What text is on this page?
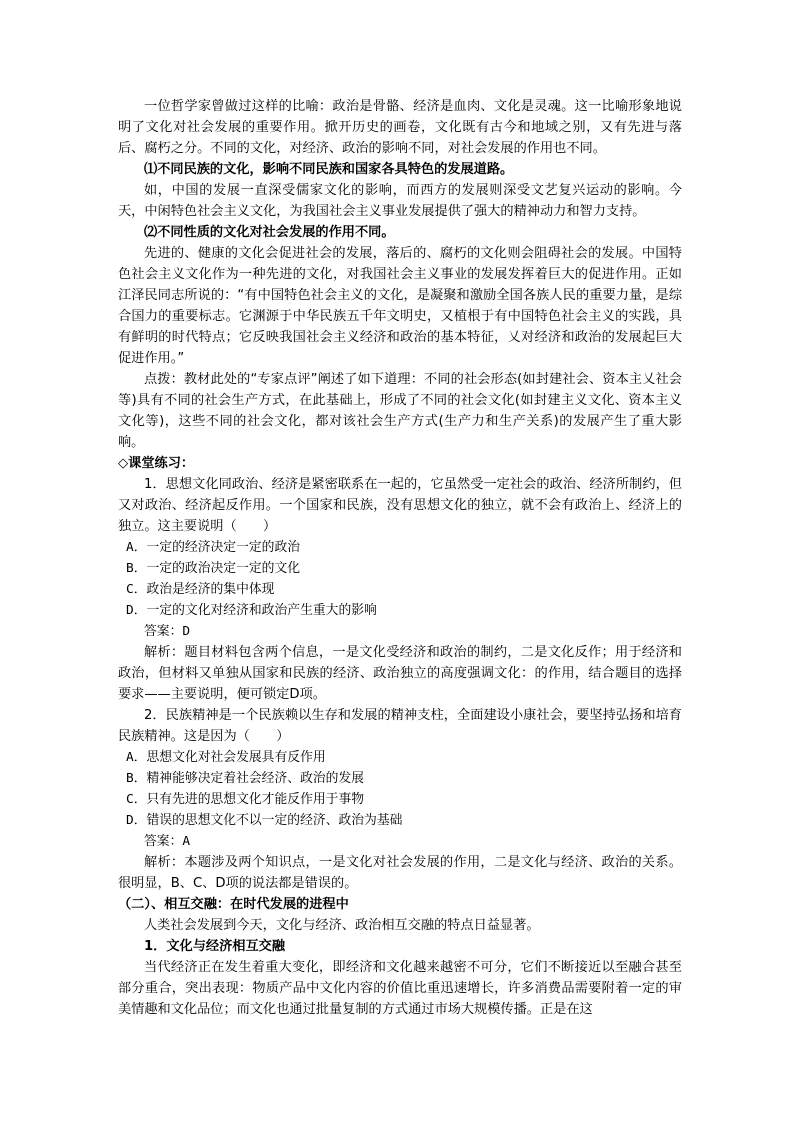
一位哲学家曾做过这样的比喻：政治是骨骼、经济是血肉、文化是灵魂。这一比喻形象地说明了文化对社会发展的重要作用。掀开历史的画卷，文化既有古今和地域之别，又有先进与落后、腐朽之分。不同的文化，对经济、政治的影响不同，对社会发展的作用也不同。

⑴不同民族的文化，影响不同民族和国家各具特色的发展道路。

如，中国的发展一直深受儒家文化的影响，而西方的发展则深受文艺复兴运动的影响。今天，中闲特色社会主义文化，为我国社会主义事业发展提供了强大的精神动力和智力支持。

⑵不同性质的文化对社会发展的作用不同。

先进的、健康的文化会促进社会的发展，落后的、腐朽的文化则会阻碍社会的发展。中国特色社会主义文化作为一种先进的文化，对我国社会主义事业的发展发挥着巨大的促进作用。正如江泽民同志所说的：“有中国特色社会主义的文化，是凝聚和激励全国各族人民的重要力量，是综合国力的重要标志。它渊源于中华民族五千年文明史，又植根于有中国特色社会主义的实践，具有鲜明的时代特点；它反映我国社会主义经济和政治的基本特征，乂对经济和政治的发展起巨大促进作用。”

点拨：教材此处的“专家点评”阐述了如下道理：不同的社会形态(如封建社会、资本主乂社会等)具有不同的社会生产方式，在此基础上，形成了不同的社会文化(如封建主义文化、资本主义文化等)，这些不同的社会文化，都对该社会生产方式(生产力和生产关系)的发展产生了重大影响。

◇课堂练习：

1．思想文化同政治、经济是紧密联系在一起的，它虽然受一定社会的政治、经济所制约，但又对政治、经济起反作用。一个国家和民族，没有思想文化的独立，就不会有政治上、经济上的独立。这主要说明（　　）

A．一定的经济决定一定的政治

B．一定的政治决定一定的文化

C．政治是经济的集中体现

D．一定的文化对经济和政治产生重大的影响

答案：D

解析：题目材料包含两个信息，一是文化受经济和政治的制约，二是文化反作；用于经济和政治，但材料又单独从国家和民族的经济、政治独立的高度强调文化：的作用，结合题目的选择要求——主要说明，便可锁定D项。

2．民族精神是一个民族赖以生存和发展的精神支柱，全面建设小康社会，要坚持弘扬和培育民族精神。这是因为（　　）

A．思想文化对社会发展具有反作用

B．精神能够决定着社会经济、政治的发展

C．只有先进的思想文化才能反作用于事物

D．错误的思想文化不以一定的经济、政治为基础

答案：A

解析：本题涉及两个知识点，一是文化对社会发展的作用，二是文化与经济、政治的关系。很明显，B、C、D项的说法都是错误的。

（二）、相互交融：在时代发展的进程中

人类社会发展到今天，文化与经济、政治相互交融的特点日益显著。

1．文化与经济相互交融

当代经济正在发生着重大变化，即经济和文化越来越密不可分，它们不断接近以至融合甚至部分重合，突出表现：物质产品中文化内容的价值比重迅速增长，许多消费品需要附着一定的审美情趣和文化品位；而文化也通过批量复制的方式通过市场大规模传播。正是在这
